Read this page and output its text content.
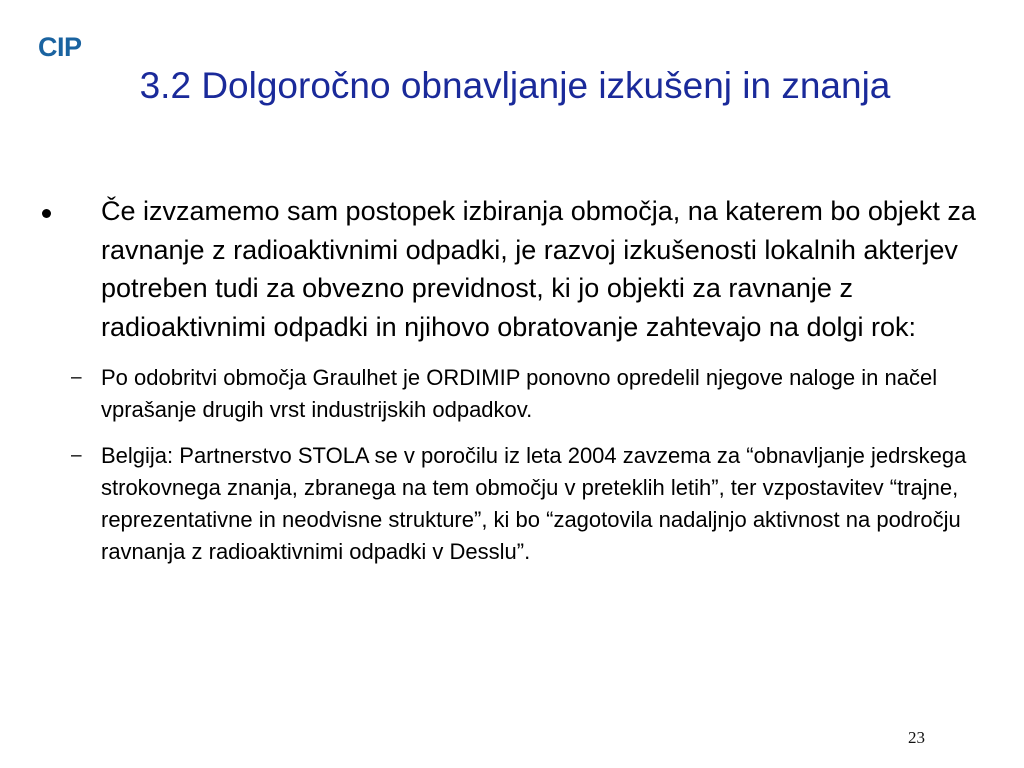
CIP
3.2 Dolgoročno obnavljanje izkušenj in znanja
Če izvzamemo sam postopek izbiranja območja, na katerem bo objekt za ravnanje z radioaktivnimi odpadki, je razvoj izkušenosti lokalnih akterjev potreben tudi za obvezno previdnost, ki jo objekti za ravnanje z radioaktivnimi odpadki in njihovo obratovanje zahtevajo na dolgi rok:
– Po odobritvi območja Graulhet je ORDIMIP ponovno opredelil njegove naloge in načel vprašanje drugih vrst industrijskih odpadkov.
– Belgija: Partnerstvo STOLA se v poročilu iz leta 2004 zavzema za “obnavljanje jedrskega strokovnega znanja, zbranega na tem območju v preteklih letih”, ter vzpostavitev “trajne, reprezentativne in neodvisne strukture”, ki bo “zagotovila nadaljnjo aktivnost na področju ravnanja z radioaktivnimi odpadki v Desslu”.
23
